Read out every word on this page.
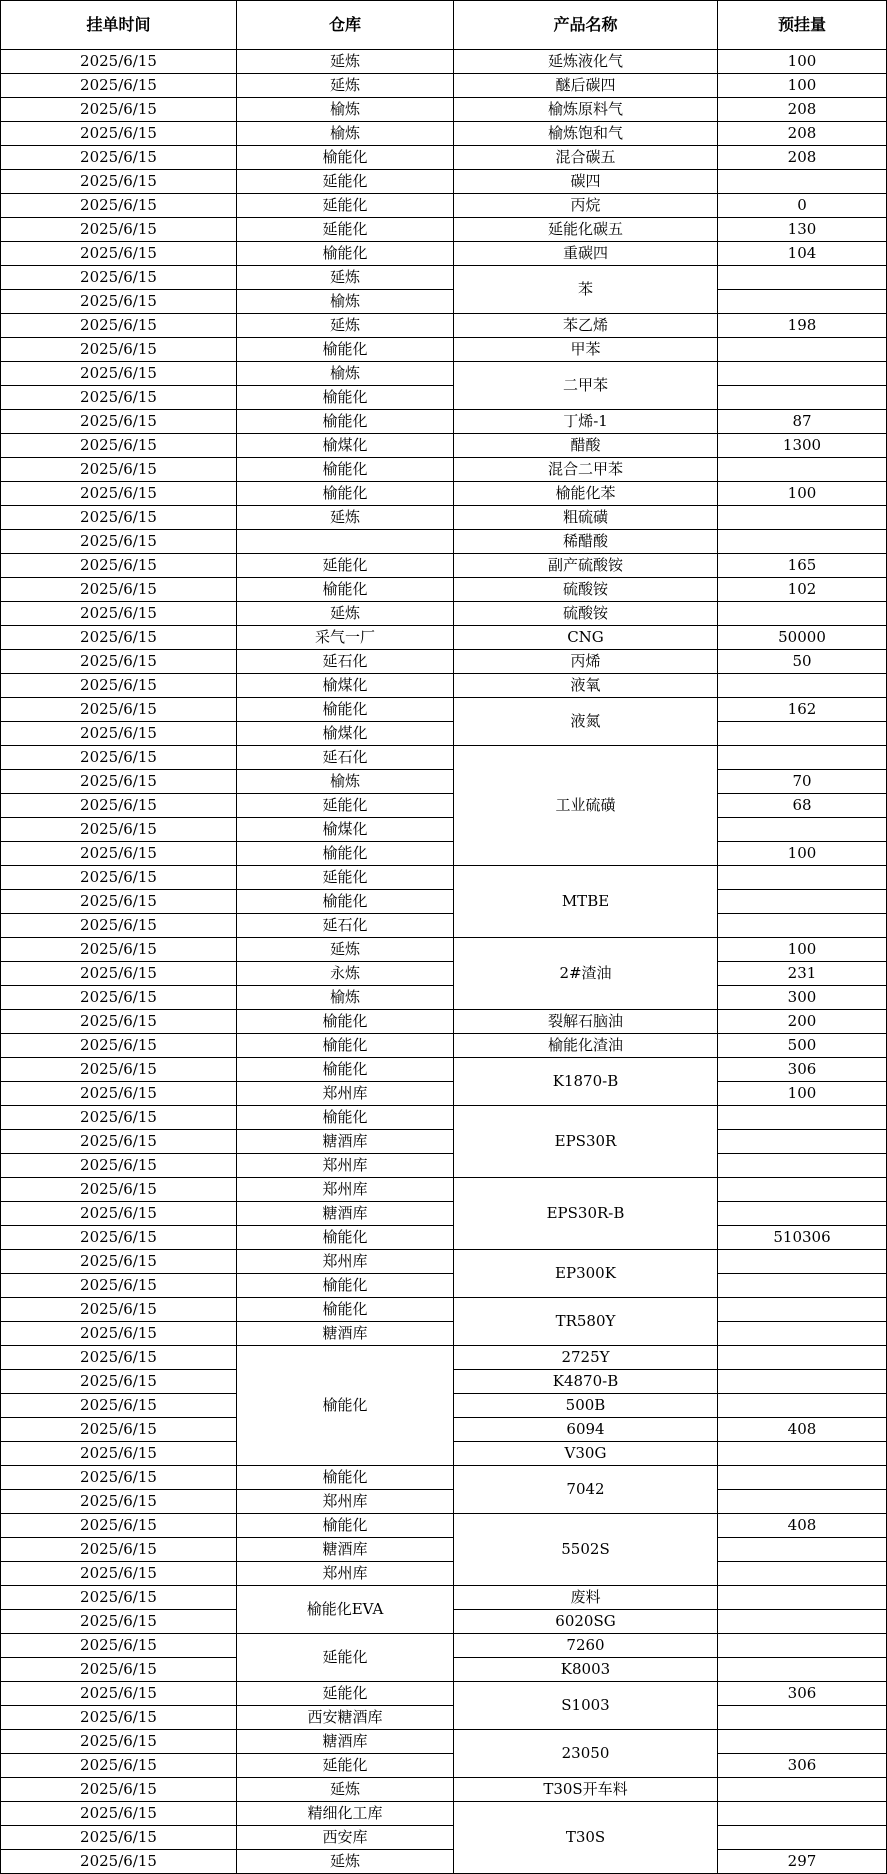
挂单时间	仓库	产品名称	预挂量
2025/6/15	延炼	延炼液化气	100
2025/6/15	延炼	醚后碳四	100
2025/6/15	榆炼	榆炼原料气	208
2025/6/15	榆炼	榆炼饱和气	208
2025/6/15	榆能化	混合碳五	208
2025/6/15	延能化	碳四	
2025/6/15	延能化	丙烷	0
2025/6/15	延能化	延能化碳五	130
2025/6/15	榆能化	重碳四	104
2025/6/15	延炼	苯	
2025/6/15	榆炼		
2025/6/15	延炼	苯乙烯	198
2025/6/15	榆能化	甲苯	
2025/6/15	榆炼	二甲苯	
2025/6/15	榆能化		
2025/6/15	榆能化	丁烯-1	87
2025/6/15	榆煤化	醋酸	1300
2025/6/15	榆能化	混合二甲苯	
2025/6/15	榆能化	榆能化苯	100
2025/6/15	延炼	粗硫磺	
2025/6/15		稀醋酸	
2025/6/15	延能化	副产硫酸铵	165
2025/6/15	榆能化	硫酸铵	102
2025/6/15	延炼	硫酸铵	
2025/6/15	采气一厂	CNG	50000
2025/6/15	延石化	丙烯	50
2025/6/15	榆煤化	液氧	
2025/6/15	榆能化	液氮	162
2025/6/15	榆煤化		
2025/6/15	延石化	工业硫磺	
2025/6/15	榆炼		70
2025/6/15	延能化		68
2025/6/15	榆煤化		
2025/6/15	榆能化		100
2025/6/15	延能化	MTBE	
2025/6/15	榆能化		
2025/6/15	延石化		
2025/6/15	延炼	2#渣油	100
2025/6/15	永炼		231
2025/6/15	榆炼		300
2025/6/15	榆能化	裂解石脑油	200
2025/6/15	榆能化	榆能化渣油	500
2025/6/15	榆能化	K1870-B	306
2025/6/15	郑州库		100
2025/6/15	榆能化	EPS30R	
2025/6/15	糖酒库		
2025/6/15	郑州库		
2025/6/15	郑州库	EPS30R-B	
2025/6/15	糖酒库		
2025/6/15	榆能化		510306
2025/6/15	郑州库	EP300K	
2025/6/15	榆能化		
2025/6/15	榆能化	TR580Y	
2025/6/15	糖酒库		
2025/6/15	榆能化	2725Y	
2025/6/15		K4870-B	
2025/6/15		500B	
2025/6/15		6094	408
2025/6/15		V30G	
2025/6/15	榆能化	7042	
2025/6/15	郑州库		
2025/6/15	榆能化	5502S	408
2025/6/15	糖酒库		
2025/6/15	郑州库		
2025/6/15	榆能化EVA	废料	
2025/6/15		6020SG	
2025/6/15	延能化	7260	
2025/6/15		K8003	
2025/6/15	延能化	S1003	306
2025/6/15	西安糖酒库		
2025/6/15	糖酒库	23050	
2025/6/15	延能化		306
2025/6/15	延炼	T30S开车料	
2025/6/15	精细化工库	T30S	
2025/6/15	西安库		
2025/6/15	延炼		297
